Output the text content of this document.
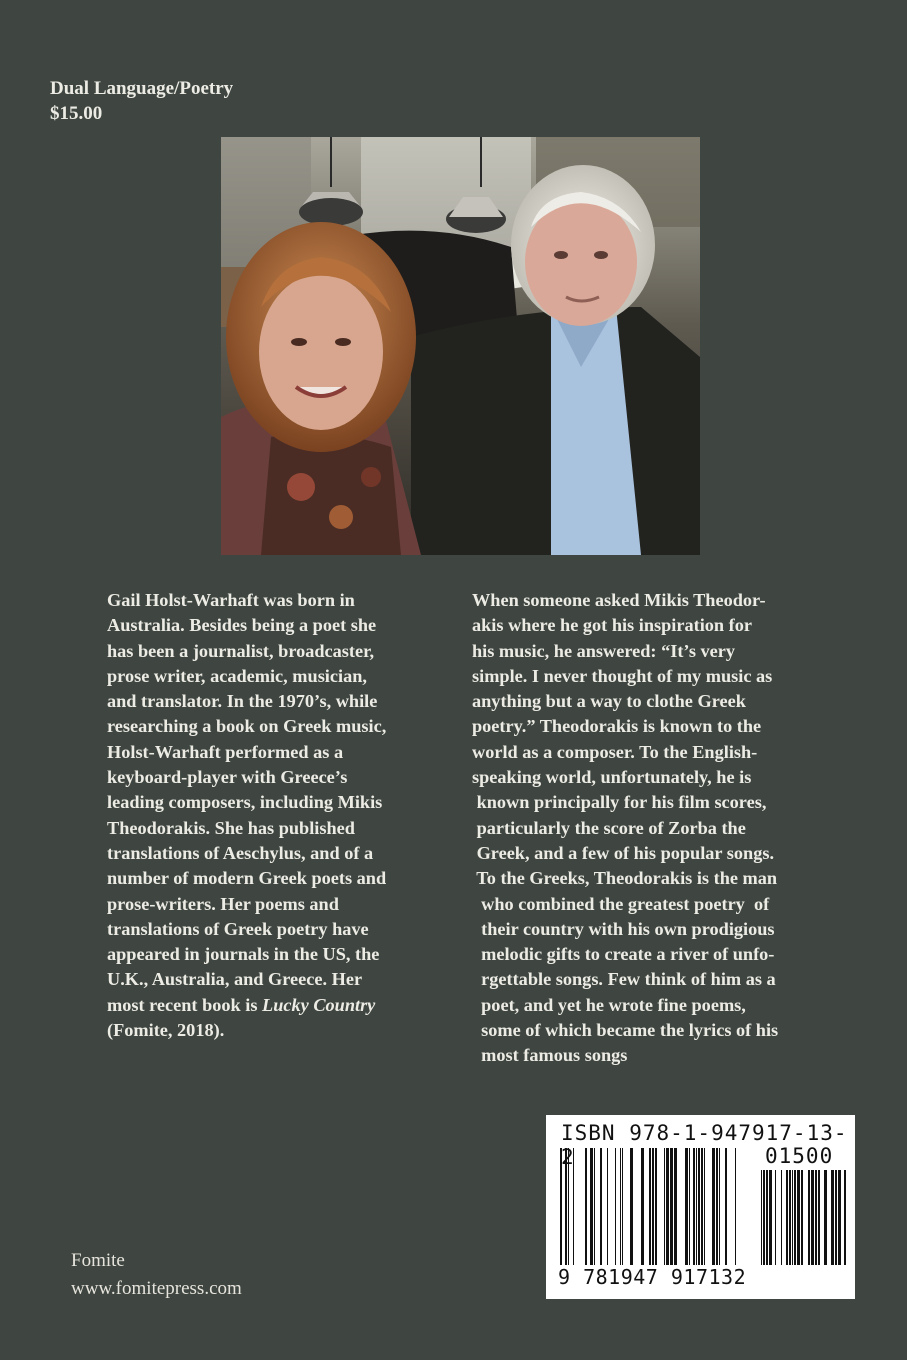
Dual Language/Poetry
$15.00
Gail Holst-Warhaft was born in
Australia. Besides being a poet she
has been a journalist, broadcaster,
prose writer, academic, musician,
and translator. In the 1970’s, while
researching a book on Greek music,
Holst-Warhaft performed as a
keyboard-player with Greece’s
leading composers, including Mikis
Theodorakis. She has published
translations of Aeschylus, and of a
number of modern Greek poets and
prose-writers. Her poems and
translations of Greek poetry have
appeared in journals in the US, the
U.K., Australia, and Greece. Her
most recent book is Lucky Country
(Fomite, 2018).
When someone asked Mikis Theodor-
akis where he got his inspiration for
his music, he answered: “It’s very
simple. I never thought of my music as
anything but a way to clothe Greek
poetry.” Theodorakis is known to the
world as a composer. To the English-
speaking world, unfortunately, he is
known principally for his film scores,
particularly the score of Zorba the
Greek, and a few of his popular songs.
To the Greeks, Theodorakis is the man
who combined the greatest poetry  of
their country with his own prodigious
melodic gifts to create a river of unfo-
rgettable songs. Few think of him as a
poet, and yet he wrote fine poems,
some of which became the lyrics of his
most famous songs
Fomite
www.fomitepress.com
ISBN 978-1-947917-13-2	01500
9 781947 917132
